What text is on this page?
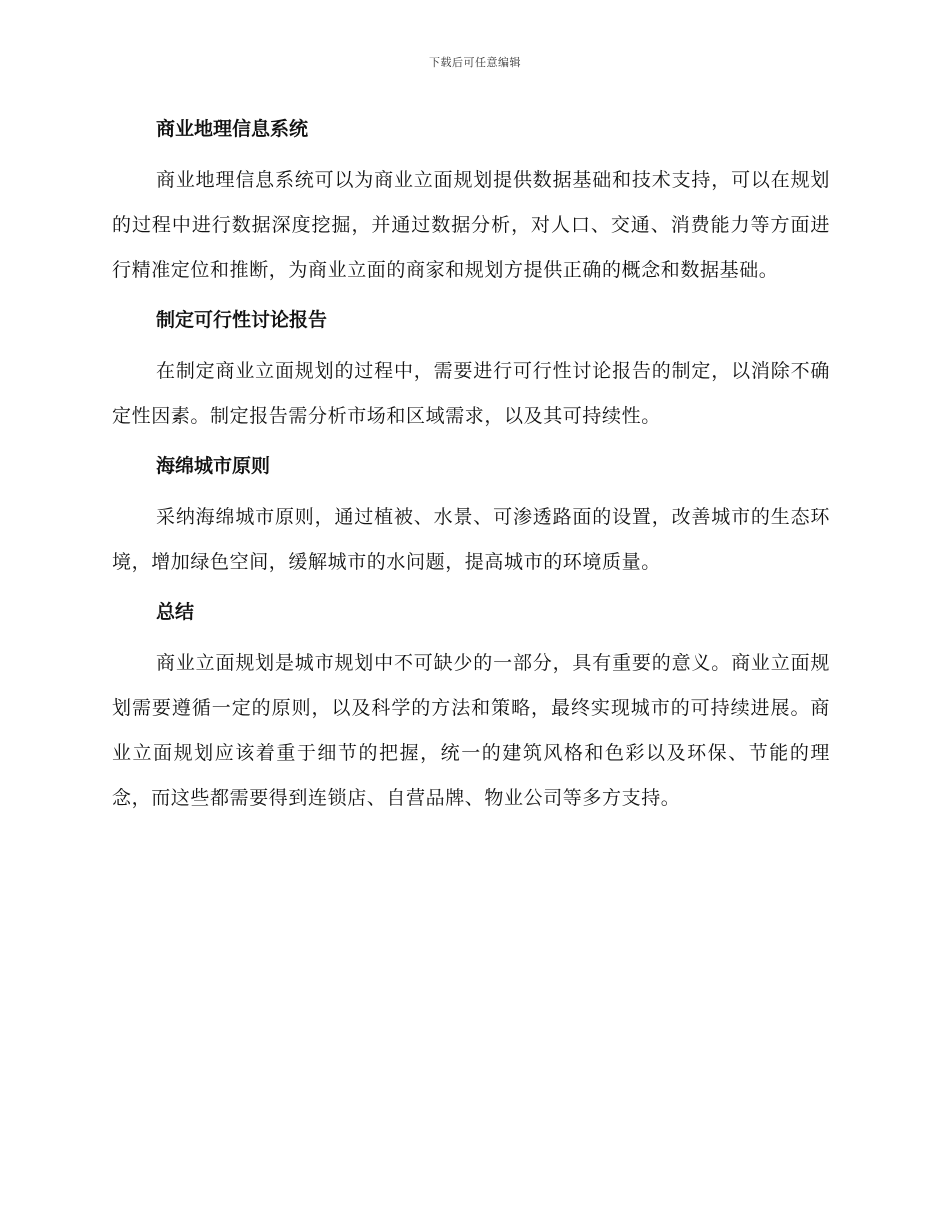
下载后可任意编辑
商业地理信息系统

商业地理信息系统可以为商业立面规划提供数据基础和技术支持，可以在规划的过程中进行数据深度挖掘，并通过数据分析，对人口、交通、消费能力等方面进行精准定位和推断，为商业立面的商家和规划方提供正确的概念和数据基础。

制定可行性讨论报告

在制定商业立面规划的过程中，需要进行可行性讨论报告的制定，以消除不确定性因素。制定报告需分析市场和区域需求，以及其可持续性。

海绵城市原则

采纳海绵城市原则，通过植被、水景、可渗透路面的设置，改善城市的生态环境，增加绿色空间，缓解城市的水问题，提高城市的环境质量。

总结

商业立面规划是城市规划中不可缺少的一部分，具有重要的意义。商业立面规划需要遵循一定的原则，以及科学的方法和策略，最终实现城市的可持续进展。商业立面规划应该着重于细节的把握，统一的建筑风格和色彩以及环保、节能的理念，而这些都需要得到连锁店、自营品牌、物业公司等多方支持。
